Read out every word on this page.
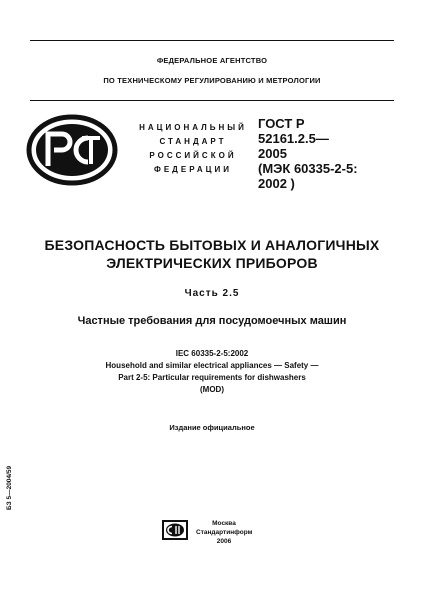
ФЕДЕРАЛЬНОЕ АГЕНТСТВО
ПО ТЕХНИЧЕСКОМУ РЕГУЛИРОВАНИЮ И МЕТРОЛОГИИ
НАЦИОНАЛЬНЫЙ
СТАНДАРТ
РОССИЙСКОЙ
ФЕДЕРАЦИИ
ГОСТ Р
52161.2.5—
2005
(МЭК 60335-2-5:
2002 )
БЕЗОПАСНОСТЬ БЫТОВЫХ И АНАЛОГИЧНЫХ
ЭЛЕКТРИЧЕСКИХ ПРИБОРОВ
Часть 2.5
Частные требования для посудомоечных машин
IEC 60335-2-5:2002
Household and similar electrical appliances — Safety —
Part 2-5: Particular requirements for dishwashers
(MOD)
Издание официальное
БЗ 5—2004/59
Москва
Стандартинформ
2006
